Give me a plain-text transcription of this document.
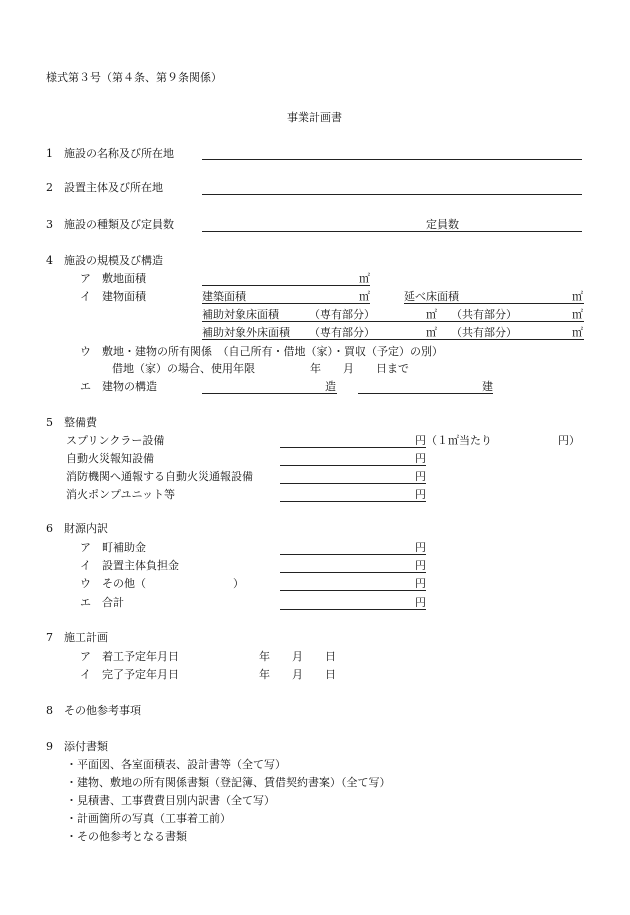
様式第３号（第４条、第９条関係）
事業計画書
1　施設の名称及び所在地
2　設置主体及び所在地
3　施設の種類及び定員数	定員数
4　施設の規模及び構造
ア　敷地面積	㎡
イ　建物面積	建築面積	㎡	延べ床面積	㎡
補助対象床面積	（専有部分）	㎡ （共有部分）	㎡
補助対象外床面積 （専有部分）	㎡ （共有部分）	㎡
ウ　敷地・建物の所有関係　（自己所有・借地（家）・買収（予定）の別）
借地（家）の場合、使用年限　　　　　年　　月　　日まで
エ　建物の構造	造	建
5　整備費
スプリンクラー設備	円 （１㎡当たり　　　　　　円）
自動火災報知設備	円
消防機関へ通報する自動火災通報設備	円
消火ポンプユニット等	円
6　財源内訳
ア　町補助金	円
イ　設置主体負担金	円
ウ　その他（	）	円
エ　合計	円
7　施工計画
ア　着工予定年月日	年　　月　　日
イ　完了予定年月日	年　　月　　日
8　その他参考事項
9　添付書類
・平面図、各室面積表、設計書等（全て写）
・建物、敷地の所有関係書類（登記簿、賃借契約書案）（全て写）
・見積書、工事費費目別内訳書（全て写）
・計画箇所の写真（工事着工前）
・その他参考となる書類
